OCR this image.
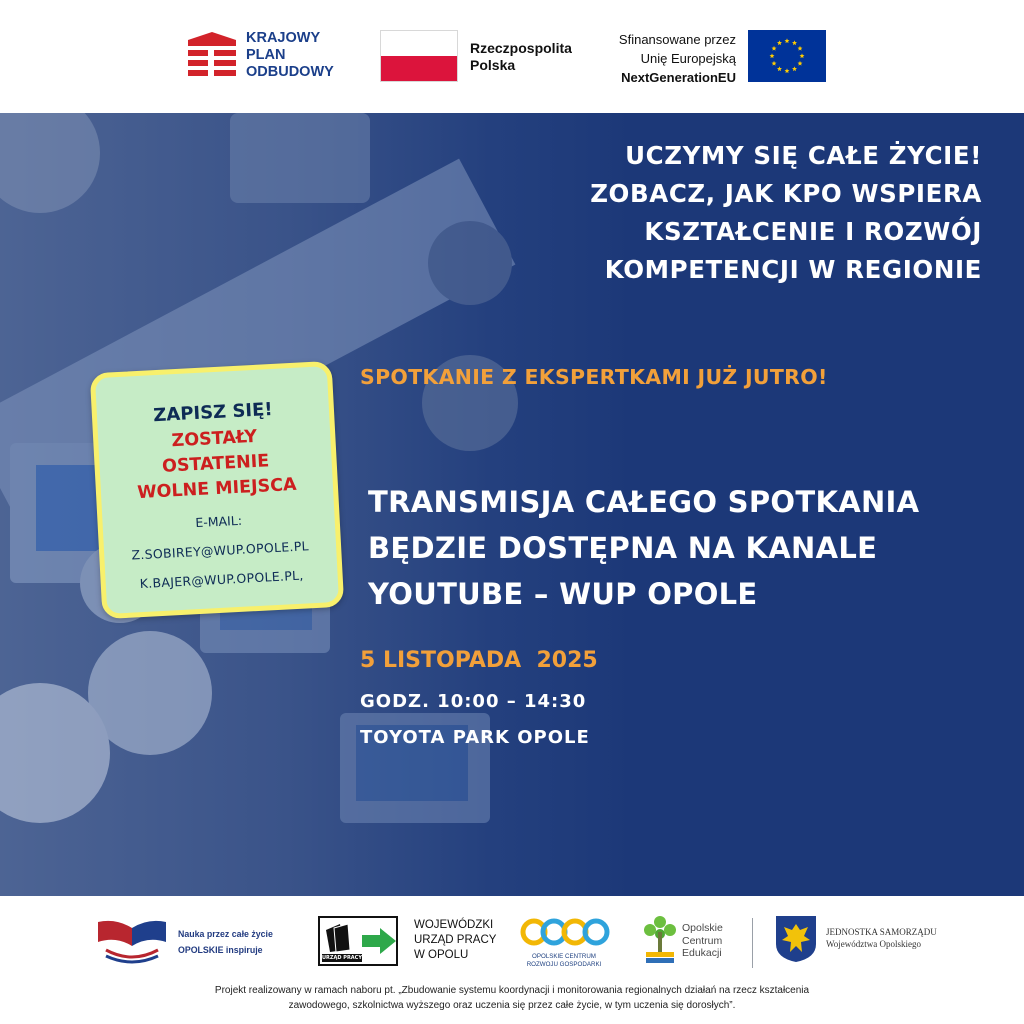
KRAJOWY
PLAN
ODBUDOWY
Rzeczpospolita
Polska
Sfinansowane przez
Unię Europejską
NextGenerationEU
UCZYMY SIĘ CAŁE ŻYCIE!
ZOBACZ, JAK KPO WSPIERA
KSZTAŁCENIE I ROZWÓJ
KOMPETENCJI W REGIONIE
SPOTKANIE Z EKSPERTKAMI JUŻ JUTRO!
TRANSMISJA CAŁEGO SPOTKANIA
BĘDZIE DOSTĘPNA NA KANALE
YOUTUBE – WUP OPOLE
5 LISTOPADA  2025
GODZ. 10:00 – 14:30
TOYOTA PARK OPOLE
ZAPISZ SIĘ!
ZOSTAŁY
OSTATENIE
WOLNE MIEJSCA
E-MAIL:
Z.SOBIREY@WUP.OPOLE.PL
K.BAJER@WUP.OPOLE.PL,
Nauka przez całe życie
OPOLSKIE inspiruje
WOJEWÓDZKI
URZĄD PRACY
W OPOLU	OPOLSKIE CENTRUM
ROZWOJU GOSPODARKI
Opolskie
Centrum
Edukacji
JEDNOSTKA SAMORZĄDU
Województwa Opolskiego
URZĄD PRACY
Projekt realizowany w ramach naboru pt. „Zbudowanie systemu koordynacji i monitorowania regionalnych działań na rzecz kształcenia
zawodowego, szkolnictwa wyższego oraz uczenia się przez całe życie, w tym uczenia się dorosłych”.
